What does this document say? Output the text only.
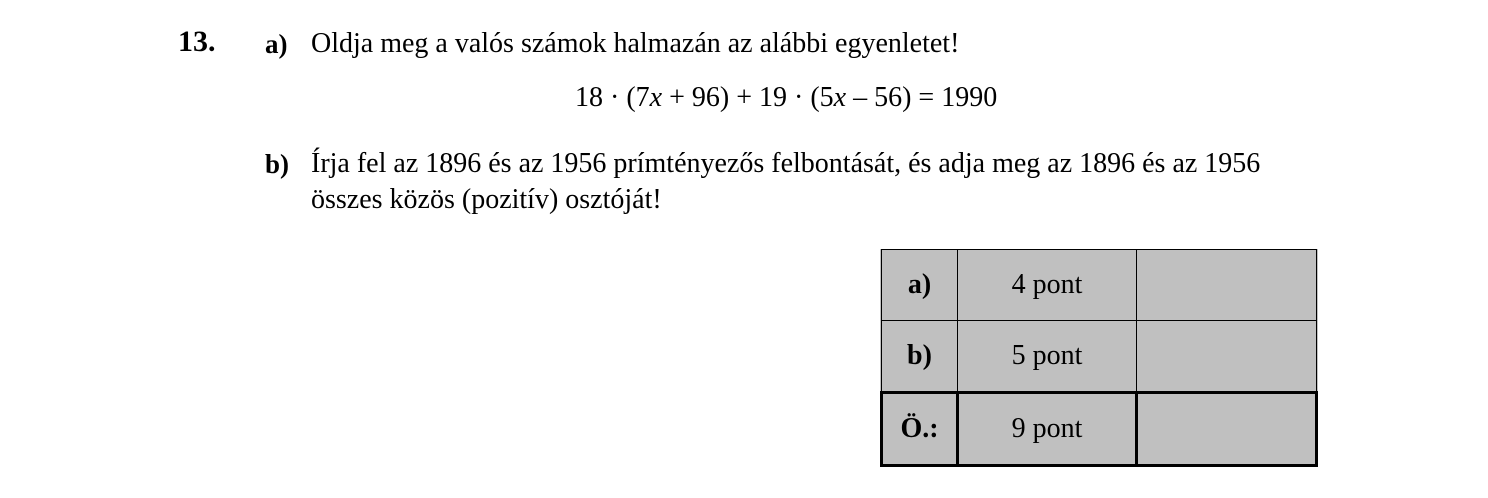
13. a) Oldja meg a valós számok halmazán az alábbi egyenletet!
18 · (7x + 96) + 19 · (5x – 56) = 1990
b) Írja fel az 1896 és az 1956 prímtényezős felbontását, és adja meg az 1896 és az 1956
összes közös (pozitív) osztóját!
a)	4 pont	
b)	5 pont	
Ö.:	9 pont	
